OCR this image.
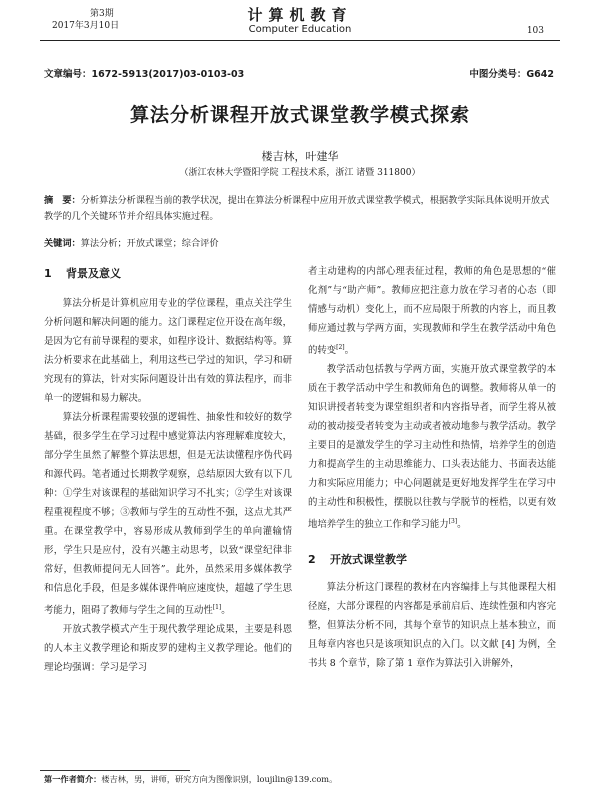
第3期
2017年3月10日
计算机教育
Computer Education	103
文章编号：1672-5913(2017)03-0103-03	中图分类号：G642
算法分析课程开放式课堂教学模式探索
楼吉林，叶建华
（浙江农林大学暨阳学院 工程技术系，浙江 诸暨 311800）
摘　要：分析算法分析课程当前的教学状况，提出在算法分析课程中应用开放式课堂教学模式，根据教学实际具体说明开放式教学的几个关键环节并介绍具体实施过程。
关键词：算法分析；开放式课堂；综合评价
1 背景及意义

算法分析是计算机应用专业的学位课程，重点关注学生分析问题和解决问题的能力。这门课程定位开设在高年级，是因为它有前导课程的要求，如程序设计、数据结构等。算法分析要求在此基础上，利用这些已学过的知识，学习和研究现有的算法，针对实际问题设计出有效的算法程序，而非单一的逻辑和易力解决。

算法分析课程需要较强的逻辑性、抽象性和较好的数学基础，很多学生在学习过程中感觉算法内容理解难度较大，部分学生虽然了解整个算法思想，但是无法读懂程序伪代码和源代码。笔者通过长期教学观察，总结原因大致有以下几种：①学生对该课程的基础知识学习不扎实；②学生对该课程重视程度不够；③教师与学生的互动性不强，这点尤其严重。在课堂教学中，容易形成从教师到学生的单向灌输情形，学生只是应付，没有兴趣主动思考，以致“课堂纪律非常好，但教师提问无人回答”。此外，虽然采用多媒体教学和信息化手段，但是多媒体课件响应速度快，超越了学生思考能力，阻碍了教师与学生之间的互动性[1]。

开放式教学模式产生于现代教学理论成果，主要是科恩的人本主义教学理论和斯皮罗的建构主义教学理论。他们的理论均强调：学习是学习

者主动建构的内部心理表征过程，教师的角色是思想的“催化剂”与“助产师”。教师应把注意力放在学习者的心态（即情感与动机）变化上，而不应局限于所教的内容上，而且教师应通过教与学两方面，实现教师和学生在教学活动中角色的转变[2]。

教学活动包括教与学两方面，实施开放式课堂教学的本质在于教学活动中学生和教师角色的调整。教师将从单一的知识讲授者转变为课堂组织者和内容指导者，而学生将从被动的被动接受者转变为主动或者被动地参与教学活动。教学主要目的是激发学生的学习主动性和热情，培养学生的创造力和提高学生的主动思维能力、口头表达能力、书面表达能力和实际应用能力；中心问题就是更好地发挥学生在学习中的主动性和积极性，摆脱以往教与学脱节的桎梏，以更有效地培养学生的独立工作和学习能力[3]。

2 开放式课堂教学

算法分析这门课程的教材在内容编排上与其他课程大相径庭，大部分课程的内容都是承前启后、连续性强和内容完整，但算法分析不同，其每个章节的知识点上基本独立，而且每章内容也只是该项知识点的入门。以文献 [4] 为例，全书共 8 个章节，除了第 1 章作为算法引入讲解外，

第一作者简介：楼吉林，男，讲师，研究方向为图像识别，loujilin@139.com。
